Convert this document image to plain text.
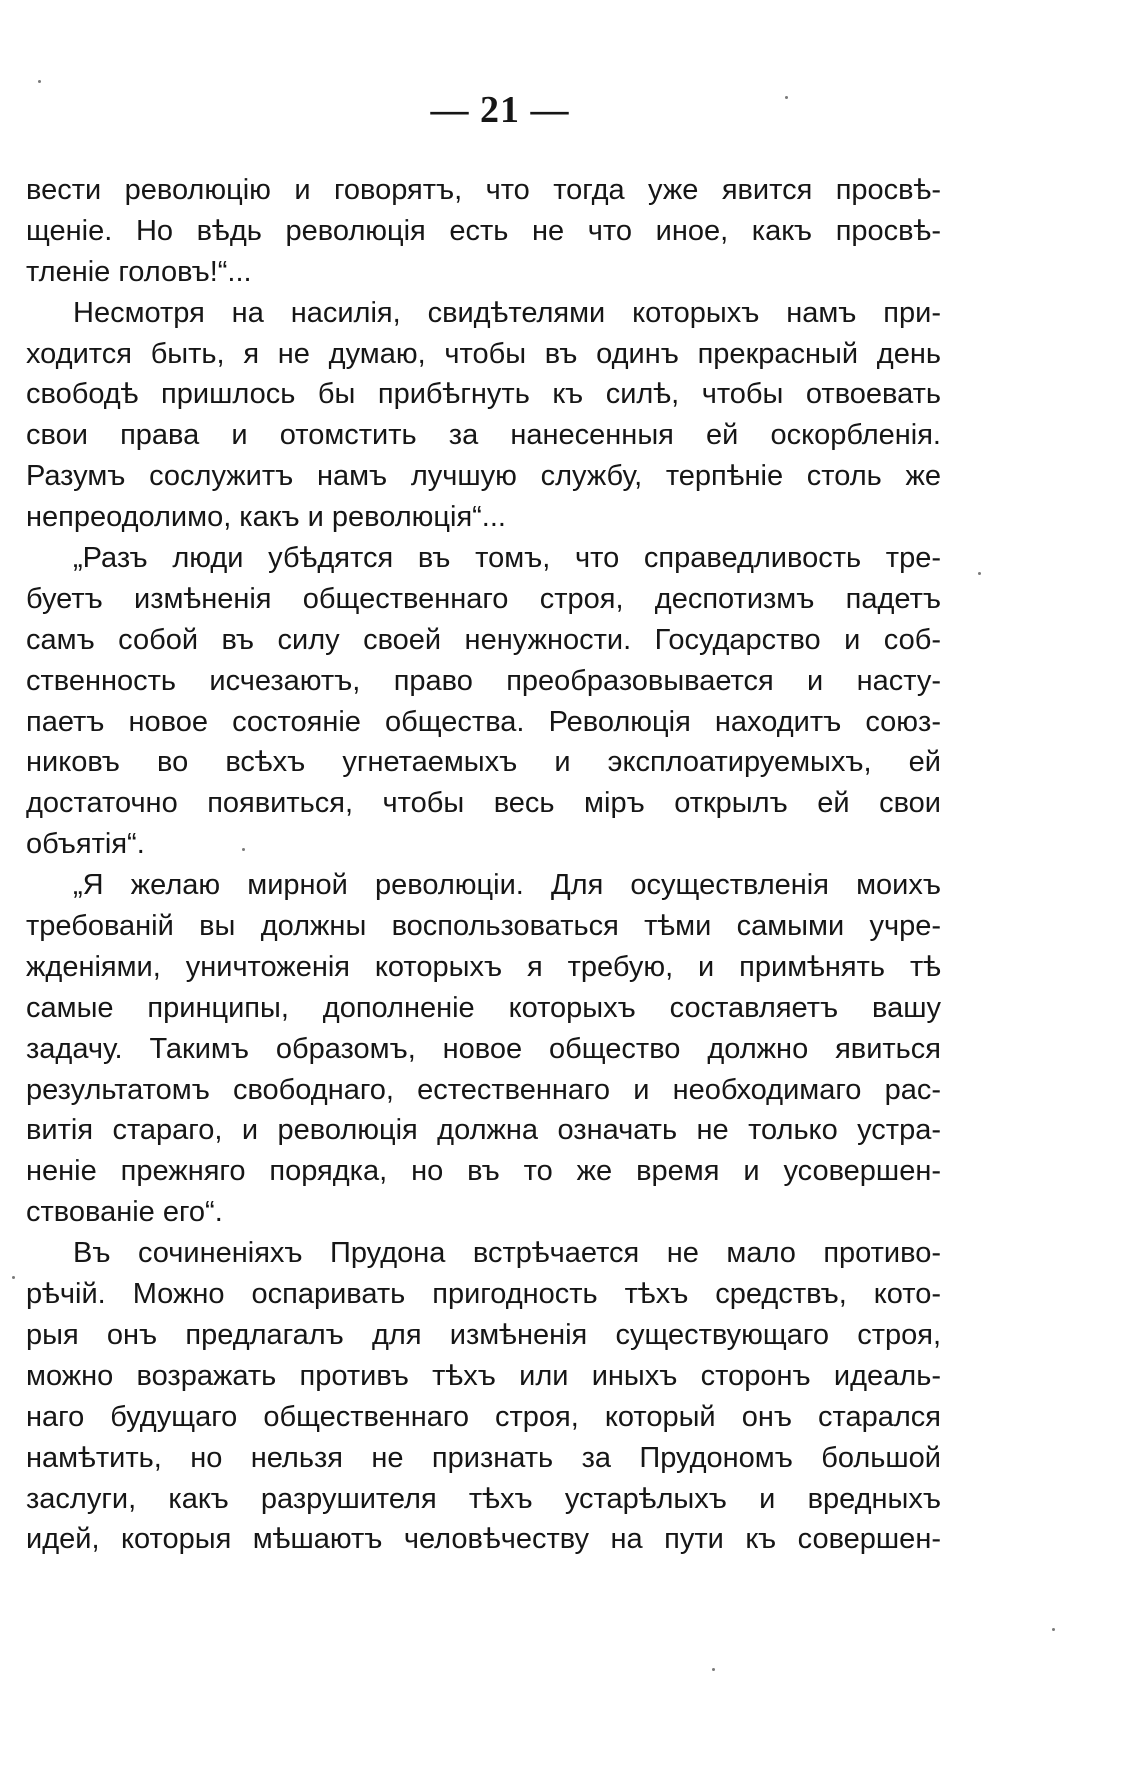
— 21 —
вести революцію и говорятъ, что тогда уже явится просвѣ-
щеніе. Но вѣдь революція есть не что иное, какъ просвѣ-
тленіе головъ!“...
Несмотря на насилія, свидѣтелями которыхъ намъ при-
ходится быть, я не думаю, чтобы въ одинъ прекрасный день
свободѣ пришлось бы прибѣгнуть къ силѣ, чтобы отвоевать
свои права и отомстить за нанесенныя ей оскорбленія.
Разумъ сослужитъ намъ лучшую службу, терпѣніе столь же
непреодолимо, какъ и революція“...
„Разъ люди убѣдятся въ томъ, что справедливость тре-
буетъ измѣненія общественнаго строя, деспотизмъ падетъ
самъ собой въ силу своей ненужности. Государство и соб-
ственность исчезаютъ, право преобразовывается и насту-
паетъ новое состояніе общества. Революція находитъ союз-
никовъ во всѣхъ угнетаемыхъ и эксплоатируемыхъ, ей
достаточно появиться, чтобы весь міръ открылъ ей свои
объятія“.
„Я желаю мирной революціи. Для осуществленія моихъ
требованій вы должны воспользоваться тѣми самыми учре-
жденіями, уничтоженія которыхъ я требую, и примѣнять тѣ
самые принципы, дополненіе которыхъ составляетъ вашу
задачу. Такимъ образомъ, новое общество должно явиться
результатомъ свободнаго, естественнаго и необходимаго рас-
витія стараго, и революція должна означать не только устра-
неніе прежняго порядка, но въ то же время и усовершен-
ствованіе его“.
Въ сочиненіяхъ Прудона встрѣчается не мало противо-
рѣчій. Можно оспаривать пригодность тѣхъ средствъ, кото-
рыя онъ предлагалъ для измѣненія существующаго строя,
можно возражать противъ тѣхъ или иныхъ сторонъ идеаль-
наго будущаго общественнаго строя, который онъ старался
намѣтить, но нельзя не признать за Прудономъ большой
заслуги, какъ разрушителя тѣхъ устарѣлыхъ и вредныхъ
идей, которыя мѣшаютъ человѣчеству на пути къ совершен-
